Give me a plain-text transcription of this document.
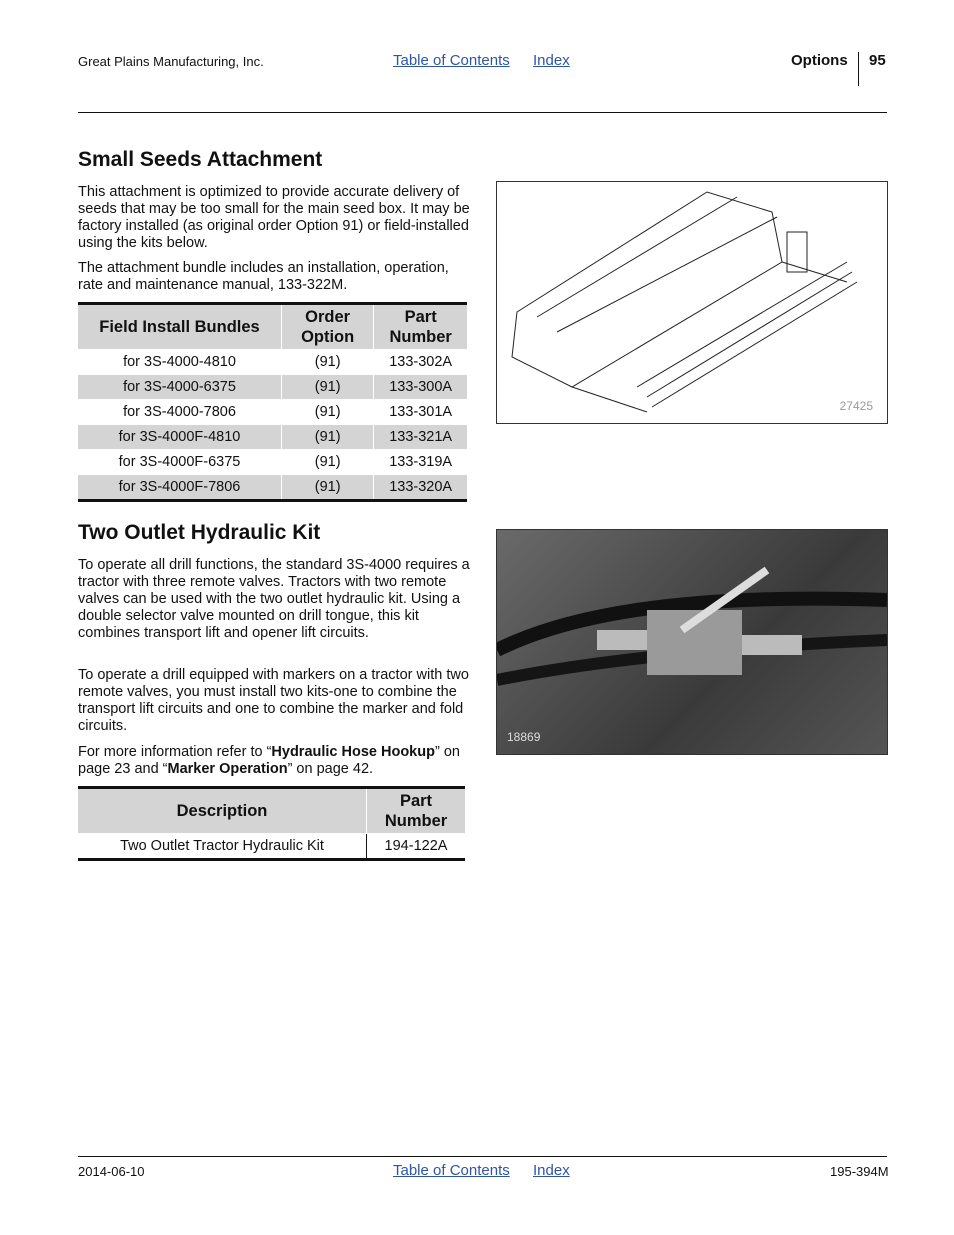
Great Plains Manufacturing, Inc.	Table of Contents Index	Options 95
Small Seeds Attachment
This attachment is optimized to provide accurate delivery of seeds that may be too small for the main seed box. It may be factory installed (as original order Option 91) or field-installed using the kits below.
The attachment bundle includes an installation, operation, rate and maintenance manual, 133-322M.
Field Install Bundles	Order Option	Part Number
for 3S-4000-4810	(91)	133-302A
for 3S-4000-6375	(91)	133-300A
for 3S-4000-7806	(91)	133-301A
for 3S-4000F-4810	(91)	133-321A
for 3S-4000F-6375	(91)	133-319A
for 3S-4000F-7806	(91)	133-320A
27425
Two Outlet Hydraulic Kit
To operate all drill functions, the standard 3S-4000 requires a tractor with three remote valves. Tractors with two remote valves can be used with the two outlet hydraulic kit. Using a double selector valve mounted on drill tongue, this kit combines transport lift and opener lift circuits.
To operate a drill equipped with markers on a tractor with two remote valves, you must install two kits-one to combine the transport lift circuits and one to combine the marker and fold circuits.
For more information refer to “Hydraulic Hose Hookup” on page 23 and “Marker Operation” on page 42.
Description	Part Number
Two Outlet Tractor Hydraulic Kit	194-122A
18869
2014-06-10	Table of Contents Index	195-394M
